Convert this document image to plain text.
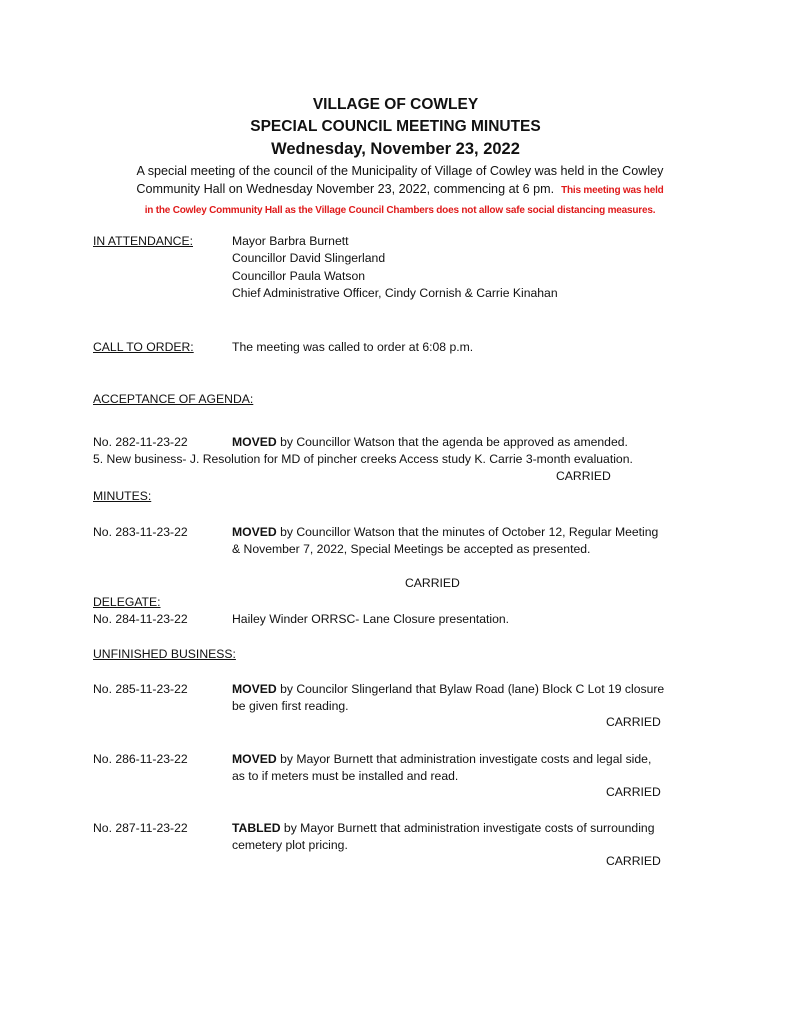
VILLAGE OF COWLEY
SPECIAL COUNCIL MEETING MINUTES
Wednesday, November 23, 2022
A special meeting of the council of the Municipality of Village of Cowley was held in the Cowley
Community Hall on Wednesday November 23, 2022, commencing at 6 pm. This meeting was held
in the Cowley Community Hall as the Village Council Chambers does not allow safe social distancing measures.
IN ATTENDANCE:	Mayor Barbra Burnett
Councillor David Slingerland
Councillor Paula Watson
Chief Administrative Officer, Cindy Cornish & Carrie Kinahan
CALL TO ORDER:	The meeting was called to order at 6:08 p.m.
ACCEPTANCE OF AGENDA:
No. 282-11-23-22	MOVED by Councillor Watson that the agenda be approved as amended.
5. New business- J. Resolution for MD of pincher creeks Access study K. Carrie 3-month evaluation.
CARRIED
MINUTES:
No. 283-11-23-22	MOVED by Councillor Watson that the minutes of October 12, Regular Meeting
& November 7, 2022, Special Meetings be accepted as presented.
CARRIED
DELEGATE:
No. 284-11-23-22	Hailey Winder ORRSC- Lane Closure presentation.
UNFINISHED BUSINESS:
No. 285-11-23-22	MOVED by Councilor Slingerland that Bylaw Road (lane) Block C Lot 19 closure
be given first reading.
CARRIED
No. 286-11-23-22	MOVED by Mayor Burnett that administration investigate costs and legal side,
as to if meters must be installed and read.
CARRIED
No. 287-11-23-22	TABLED by Mayor Burnett that administration investigate costs of surrounding
cemetery plot pricing.
CARRIED
